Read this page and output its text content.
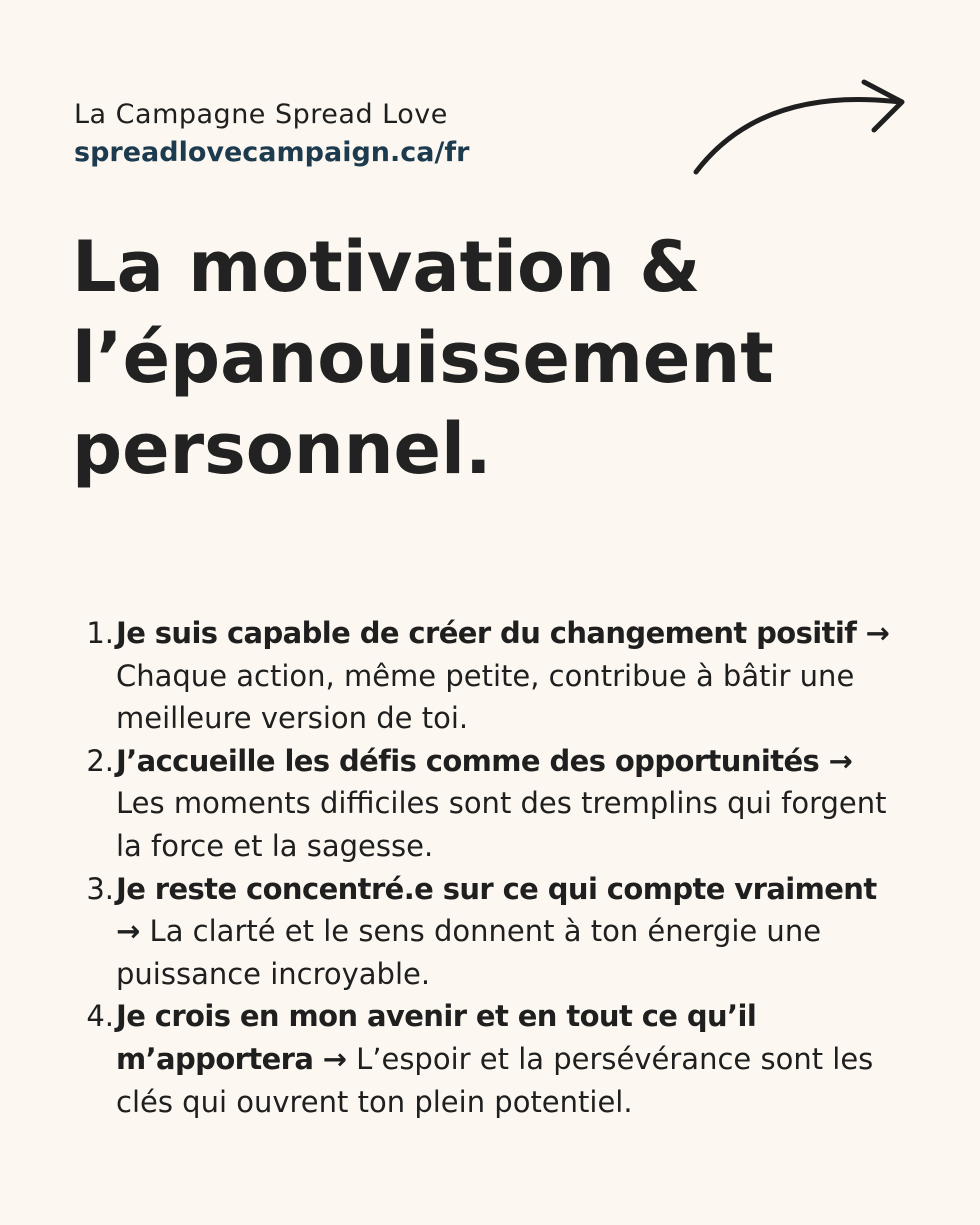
La Campagne Spread Love
spreadlovecampaign.ca/fr
La motivation &
l’épanouissement
personnel.
1. Je suis capable de créer du changement positif → Chaque action, même petite, contribue à bâtir une meilleure version de toi.
2. J’accueille les défis comme des opportunités → Les moments difficiles sont des tremplins qui forgent la force et la sagesse.
3. Je reste concentré.e sur ce qui compte vraiment → La clarté et le sens donnent à ton énergie une puissance incroyable.
4. Je crois en mon avenir et en tout ce qu’il m’apportera → L’espoir et la persévérance sont les clés qui ouvrent ton plein potentiel.
